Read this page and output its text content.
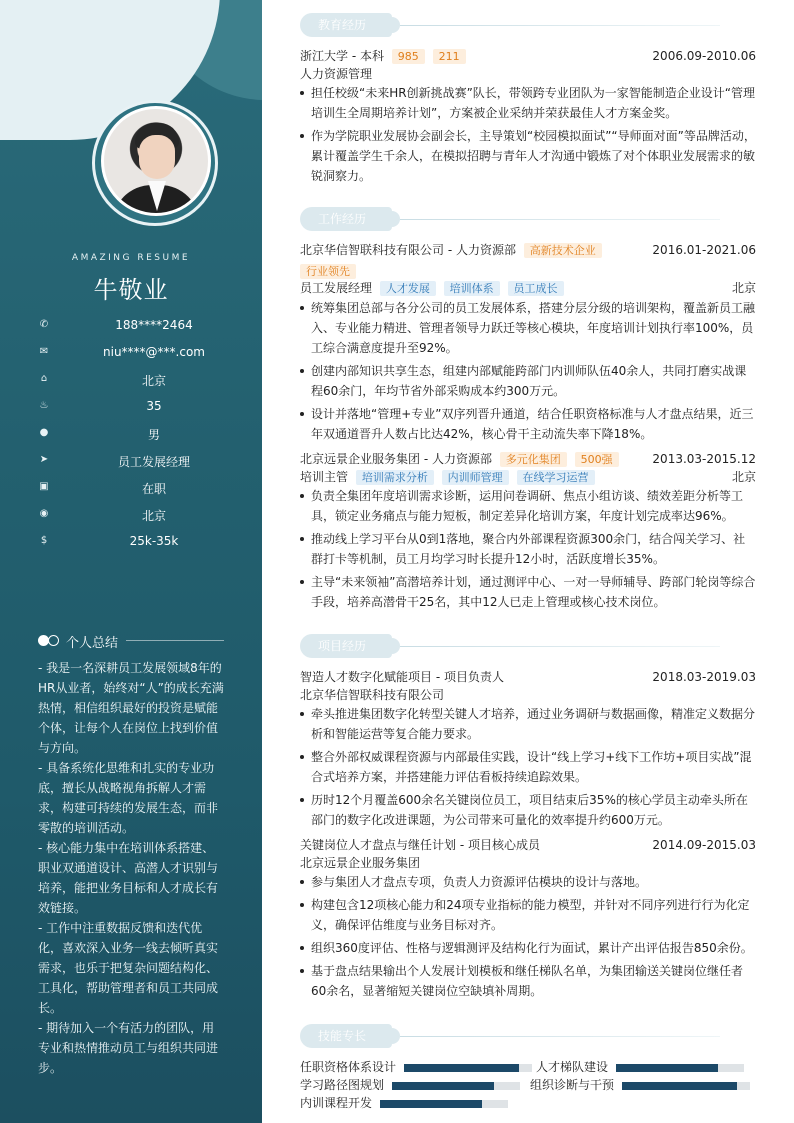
AMAZING RESUME
牛敬业
✆	188****2464
✉	niu****@***.com
⌂	北京
♨	35
●	男
➤	员工发展经理
▣	在职
◉	北京
$	25k-35k
个人总结

- 我是一名深耕员工发展领域8年的HR从业者，始终对“人”的成长充满热情，相信组织最好的投资是赋能个体，让每个人在岗位上找到价值与方向。

- 具备系统化思维和扎实的专业功底，擅长从战略视角拆解人才需求，构建可持续的发展生态，而非零散的培训活动。

- 核心能力集中在培训体系搭建、职业双通道设计、高潜人才识别与培养，能把业务目标和人才成长有效链接。

- 工作中注重数据反馈和迭代优化，喜欢深入业务一线去倾听真实需求，也乐于把复杂问题结构化、工具化，帮助管理者和员工共同成长。

- 期待加入一个有活力的团队，用专业和热情推动员工与组织共同进步。

教育经历
浙江大学 - 本科 985 211	2006.09-2010.06
人力资源管理
担任校级“未来HR创新挑战赛”队长，带领跨专业团队为一家智能制造企业设计“管理培训生全周期培养计划”，方案被企业采纳并荣获最佳人才方案金奖。
作为学院职业发展协会副会长，主导策划“校园模拟面试”“导师面对面”等品牌活动，累计覆盖学生千余人，在模拟招聘与青年人才沟通中锻炼了对个体职业发展需求的敏锐洞察力。
工作经历
北京华信智联科技有限公司 - 人力资源部 高新技术企业	2016.01-2021.06
行业领先
员工发展经理 人才发展 培训体系 员工成长	北京
统筹集团总部与各分公司的员工发展体系，搭建分层分级的培训架构，覆盖新员工融入、专业能力精进、管理者领导力跃迁等核心模块，年度培训计划执行率100%，员工综合满意度提升至92%。
创建内部知识共享生态，组建内部赋能跨部门内训师队伍40余人，共同打磨实战课程60余门，年均节省外部采购成本约300万元。
设计并落地“管理+专业”双序列晋升通道，结合任职资格标准与人才盘点结果，近三年双通道晋升人数占比达42%，核心骨干主动流失率下降18%。
北京远景企业服务集团 - 人力资源部 多元化集团 500强	2013.03-2015.12
培训主管 培训需求分析 内训师管理 在线学习运营	北京
负责全集团年度培训需求诊断，运用问卷调研、焦点小组访谈、绩效差距分析等工具，锁定业务痛点与能力短板，制定差异化培训方案，年度计划完成率达96%。
推动线上学习平台从0到1落地，聚合内外部课程资源300余门，结合闯关学习、社群打卡等机制，员工月均学习时长提升12小时，活跃度增长35%。
主导“未来领袖”高潜培养计划，通过测评中心、一对一导师辅导、跨部门轮岗等综合手段，培养高潜骨干25名，其中12人已走上管理或核心技术岗位。
项目经历
智造人才数字化赋能项目 - 项目负责人	2018.03-2019.03
北京华信智联科技有限公司
牵头推进集团数字化转型关键人才培养，通过业务调研与数据画像，精准定义数据分析和智能运营等复合能力要求。
整合外部权威课程资源与内部最佳实践，设计“线上学习+线下工作坊+项目实战”混合式培养方案，并搭建能力评估看板持续追踪效果。
历时12个月覆盖600余名关键岗位员工，项目结束后35%的核心学员主动牵头所在部门的数字化改进课题，为公司带来可量化的效率提升约600万元。
关键岗位人才盘点与继任计划 - 项目核心成员	2014.09-2015.03
北京远景企业服务集团
参与集团人才盘点专项，负责人力资源评估模块的设计与落地。
构建包含12项核心能力和24项专业指标的能力模型，并针对不同序列进行行为化定义，确保评估维度与业务目标对齐。
组织360度评估、性格与逻辑测评及结构化行为面试，累计产出评估报告850余份。
基于盘点结果输出个人发展计划模板和继任梯队名单，为集团输送关键岗位继任者60余名，显著缩短关键岗位空缺填补周期。
技能专长
任职资格体系设计	人才梯队建设
学习路径图规划	组织诊断与干预
内训课程开发
